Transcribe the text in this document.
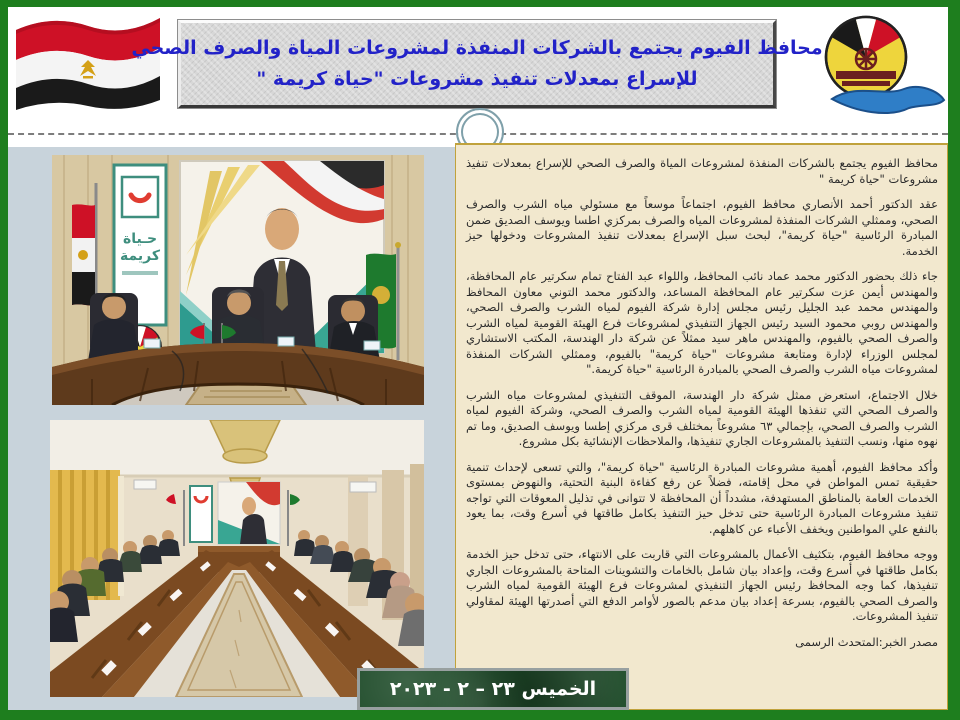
محافظ الفيوم يجتمع بالشركات المنفذة لمشروعات المياة والصرف الصحي
للإسراع بمعدلات تنفيذ مشروعات "حياة كريمة "
حـياة
كريمة

محافظ الفيوم يجتمع بالشركات المنفذة لمشروعات المياة والصرف الصحي للإسراع بمعدلات تنفيذ مشروعات "حياة كريمة "

عقد الدكتور أحمد الأنصاري محافظ الفيوم، اجتماعاً موسعاً مع مسئولي مياه الشرب والصرف الصحي، وممثلي الشركات المنفذة لمشروعات المياه والصرف بمركزي اطسا ويوسف الصديق ضمن المبادرة الرئاسية "حياة كريمة"، لبحث سبل الإسراع بمعدلات تنفيذ المشروعات ودخولها حيز الخدمة.

جاء ذلك بحضور الدكتور محمد عماد نائب المحافظ، واللواء عبد الفتاح تمام سكرتير عام المحافظة، والمهندس أيمن عزت سكرتير عام المحافظة المساعد، والدكتور محمد التوني معاون المحافظ والمهندس محمد عبد الجليل رئيس مجلس إدارة شركة الفيوم لمياه الشرب والصرف الصحي، والمهندس روبي محمود السيد رئيس الجهاز التنفيذي لمشروعات فرع الهيئة القومية لمياه الشرب والصرف الصحي بالفيوم، والمهندس ماهر سيد ممثلاً عن شركة دار الهندسة، المكتب الاستشاري لمجلس الوزراء لإدارة ومتابعة مشروعات "حياة كريمة" بالفيوم، وممثلي الشركات المنفذة لمشروعات مياه الشرب والصرف الصحي بالمبادرة الرئاسية "حياة كريمة."

خلال الاجتماع، استعرض ممثل شركة دار الهندسة، الموقف التنفيذي لمشروعات مياه الشرب والصرف الصحي التي تنفذها الهيئة القومية لمياه الشرب والصرف الصحي، وشركة الفيوم لمياه الشرب والصرف الصحي، بإجمالي ٦٣ مشروعاً بمختلف قرى مركزي إطسا ويوسف الصديق، وما تم نهوه منها، ونسب التنفيذ بالمشروعات الجاري تنفيذها، والملاحظات الإنشائية بكل مشروع.

وأكد محافظ الفيوم، أهمية مشروعات المبادرة الرئاسية "حياة كريمة"، والتي تسعى لإحداث تنمية حقيقية تمس المواطن في محل إقامته، فضلاً عن رفع كفاءة البنية التحتية، والنهوض بمستوى الخدمات العامة بالمناطق المستهدفة، مشدداً أن المحافظة لا تتوانى في تذليل المعوقات التي تواجه تنفيذ مشروعات المبادرة الرئاسية حتى تدخل حيز التنفيذ بكامل طاقتها في أسرع وقت، بما يعود بالنفع علي المواطنين ويخفف الأعباء عن كاهلهم.

ووجه محافظ الفيوم، بتكثيف الأعمال بالمشروعات التي قاربت على الانتهاء، حتى تدخل حيز الخدمة بكامل طاقتها في أسرع وقت، وإعداد بيان شامل بالخامات والتشوينات المتاحة بالمشروعات الجاري تنفيذها، كما وجه المحافظ رئيس الجهاز التنفيذي لمشروعات فرع الهيئة القومية لمياه الشرب والصرف الصحي بالفيوم، بسرعة إعداد بيان مدعم بالصور لأوامر الدفع التي أصدرتها الهيئة لمقاولي تنفيذ المشروعات.

مصدر الخبر:المتحدث الرسمى

الخميس ٢٣ – ٢ - ٢٠٢٣
